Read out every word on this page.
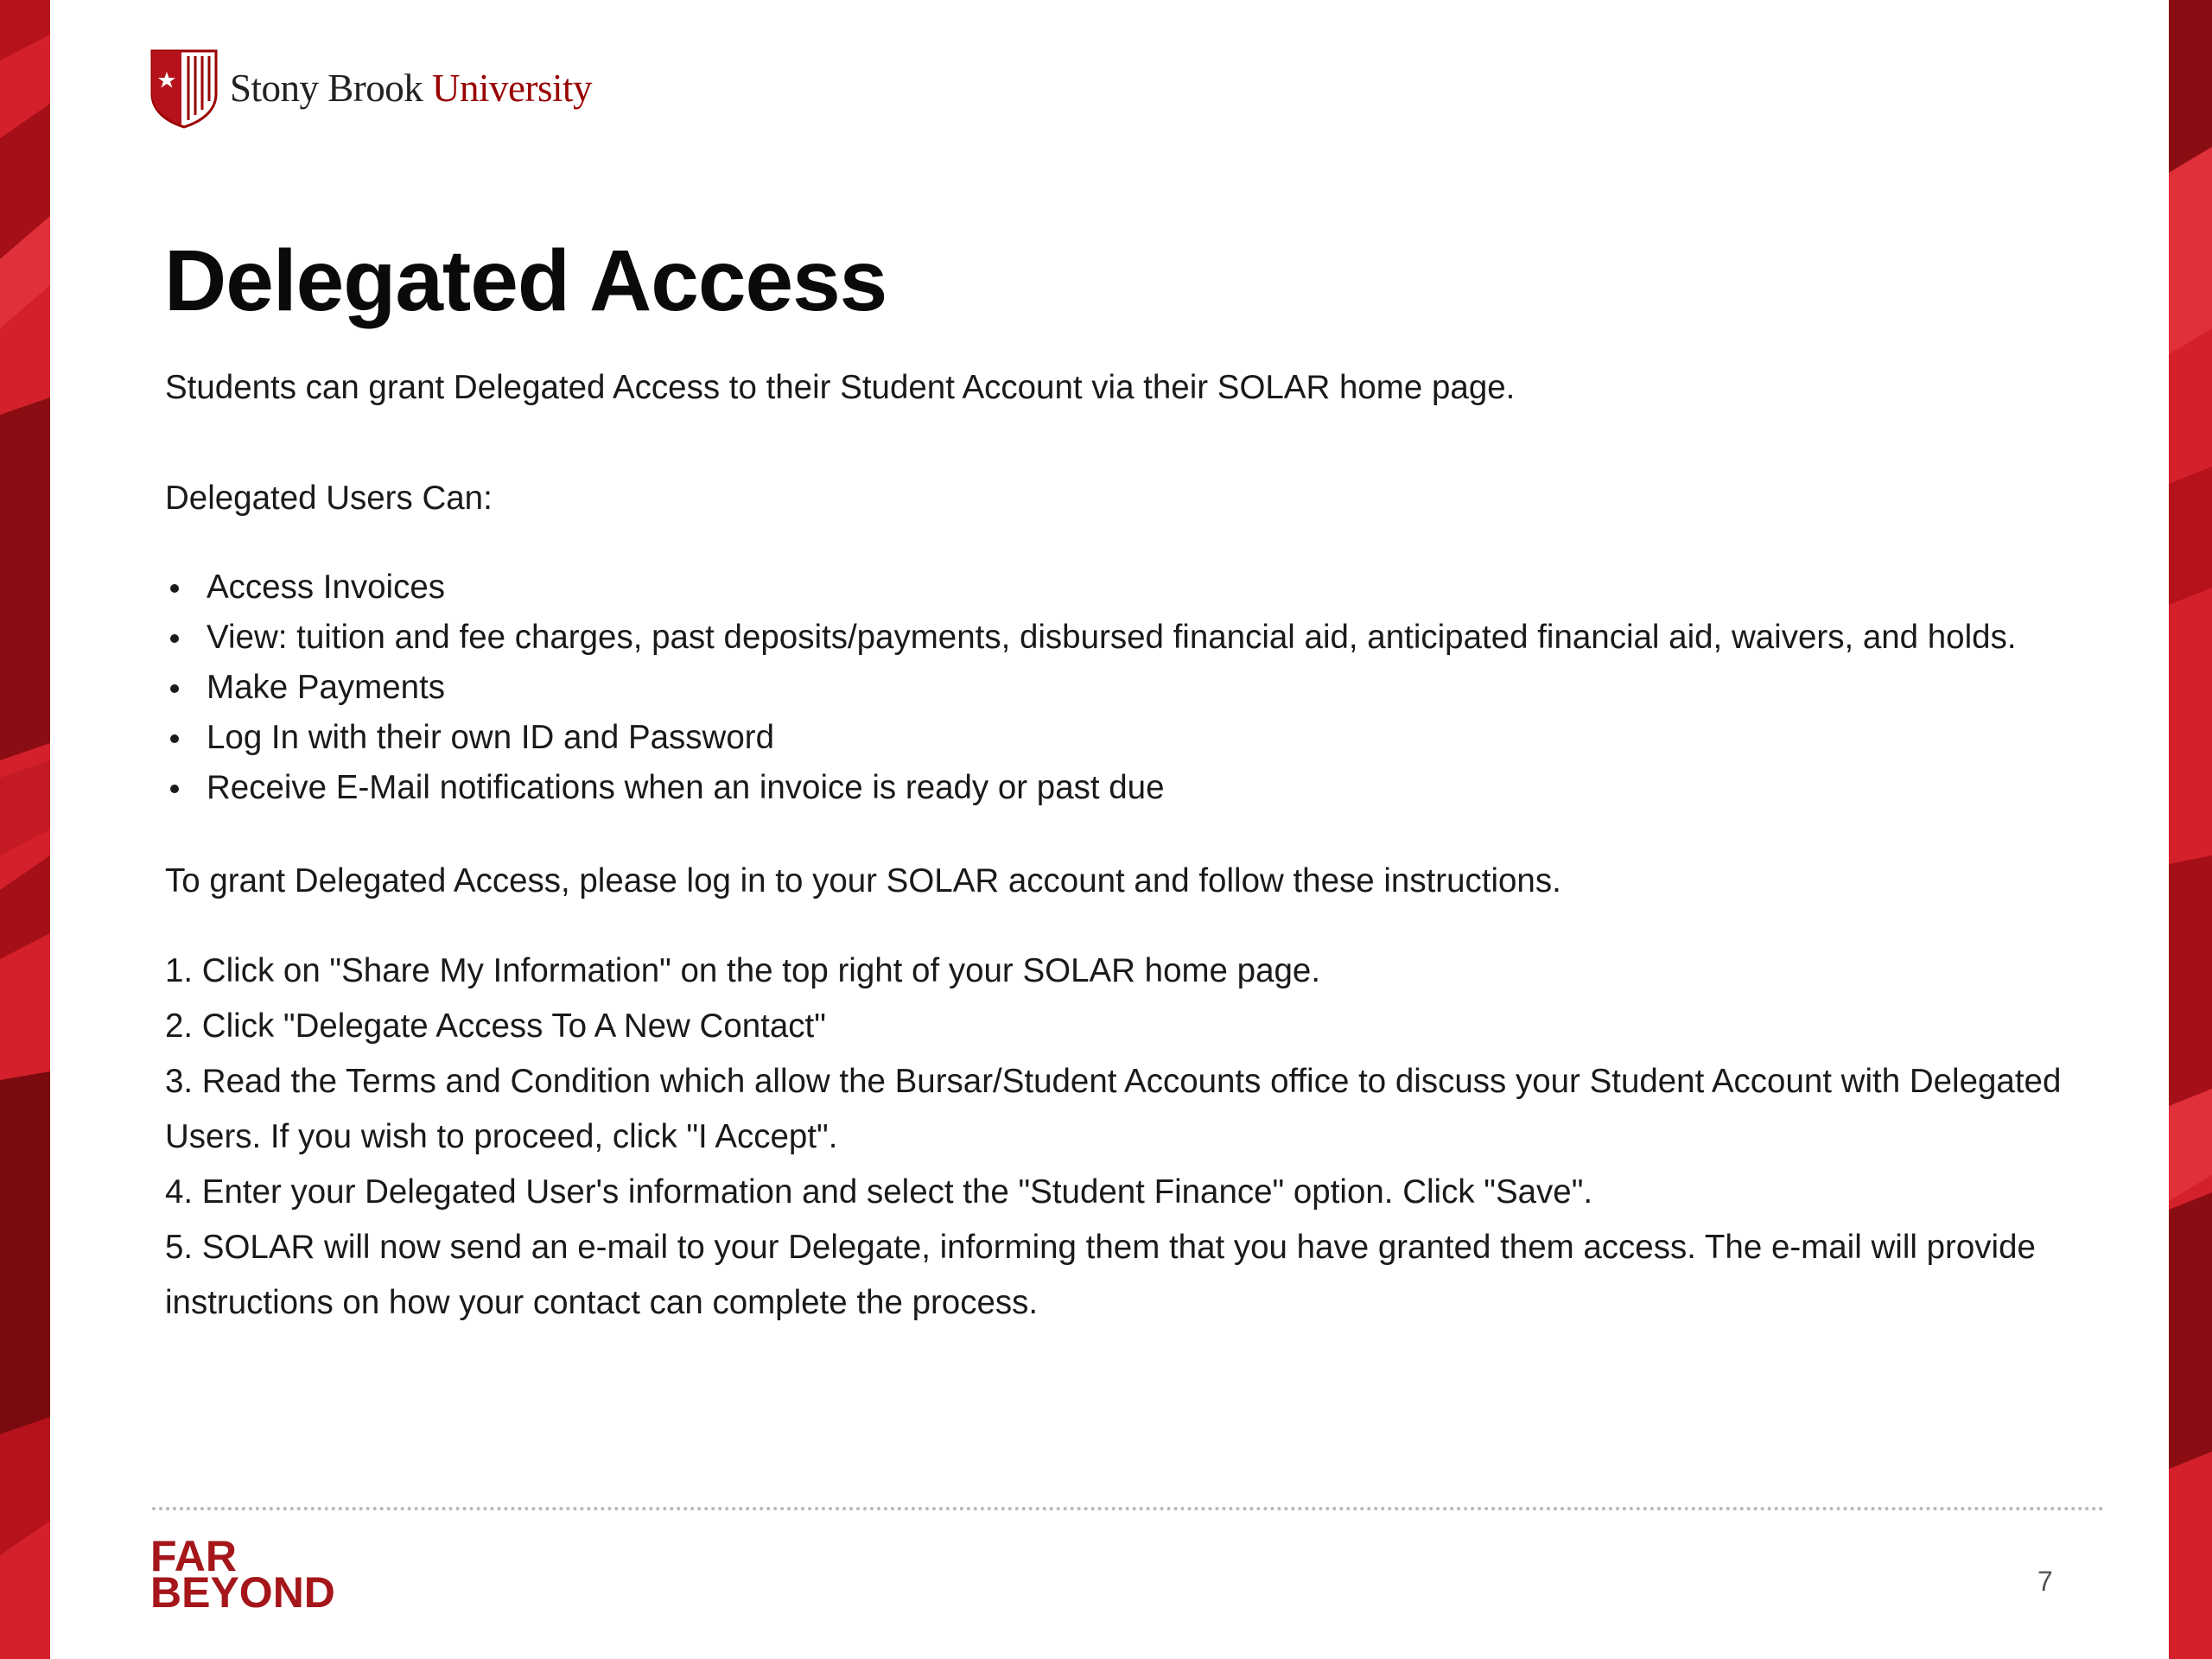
Stony Brook University
Delegated Access

Students can grant Delegated Access to their Student Account via their SOLAR home page.

Delegated Users Can:

Access Invoices
View: tuition and fee charges, past deposits/payments, disbursed financial aid, anticipated financial aid, waivers, and holds.
Make Payments
Log In with their own ID and Password
Receive E-Mail notifications when an invoice is ready or past due

To grant Delegated Access, please log in to your SOLAR account and follow these instructions.

1. Click on "Share My Information" on the top right of your SOLAR home page.
2. Click "Delegate Access To A New Contact"
3. Read the Terms and Condition which allow the Bursar/Student Accounts office to discuss your Student Account with Delegated Users. If you wish to proceed, click "I Accept".
4. Enter your Delegated User's information and select the "Student Finance" option. Click "Save".
5. SOLAR will now send an e-mail to your Delegate, informing them that you have granted them access. The e-mail will provide instructions on how your contact can complete the process.
FAR
BEYOND	7
